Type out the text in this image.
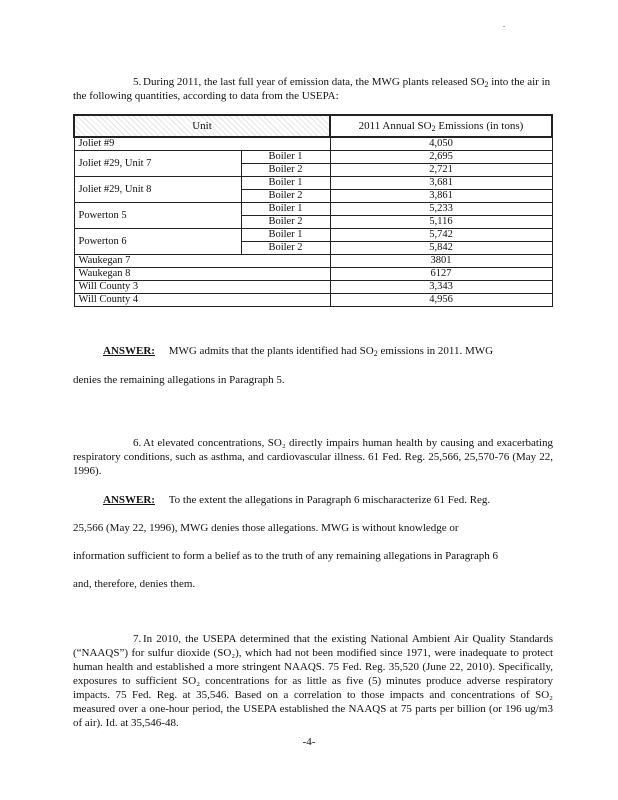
.

5. During 2011, the last full year of emission data, the MWG plants released $SO_2$ into the air in the following quantities, according to data from the USEPA:

Unit		2011 Annual $SO_2$ Emissions (in tons)
Joliet #9		4,050
Joliet #29, Unit 7	Boiler 1	2,695
	Boiler 2	2,721
Joliet #29, Unit 8	Boiler 1	3,681
	Boiler 2	3,861
Powerton 5	Boiler 1	5,233
	Boiler 2	5,116
Powerton 6	Boiler 1	5,742
	Boiler 2	5,842
Waukegan 7		3801
Waukegan 8		6127
Will County 3		3,343
Will County 4		4,956

ANSWER: MWG admits that the plants identified had $SO_2$ emissions in 2011. MWG

denies the remaining allegations in Paragraph 5.

6. At elevated concentrations, SO₂ directly impairs human health by causing and exacerbating respiratory conditions, such as asthma, and cardiovascular illness. 61 Fed. Reg. 25,566, 25,570-76 (May 22, 1996).

ANSWER: To the extent the allegations in Paragraph 6 mischaracterize 61 Fed. Reg.

25,566 (May 22, 1996), MWG denies those allegations. MWG is without knowledge or

information sufficient to form a belief as to the truth of any remaining allegations in Paragraph 6

and, therefore, denies them.

7. In 2010, the USEPA determined that the existing National Ambient Air Quality Standards (“NAAQS”) for sulfur dioxide (SO₂), which had not been modified since 1971, were inadequate to protect human health and established a more stringent NAAQS. 75 Fed. Reg. 35,520 (June 22, 2010). Specifically, exposures to sufficient SO₂ concentrations for as little as five (5) minutes produce adverse respiratory impacts. 75 Fed. Reg. at 35,546. Based on a correlation to those impacts and concentrations of SO₂ measured over a one-hour period, the USEPA established the NAAQS at 75 parts per billion (or 196 ug/m3 of air). Id. at 35,546-48.

-4-
